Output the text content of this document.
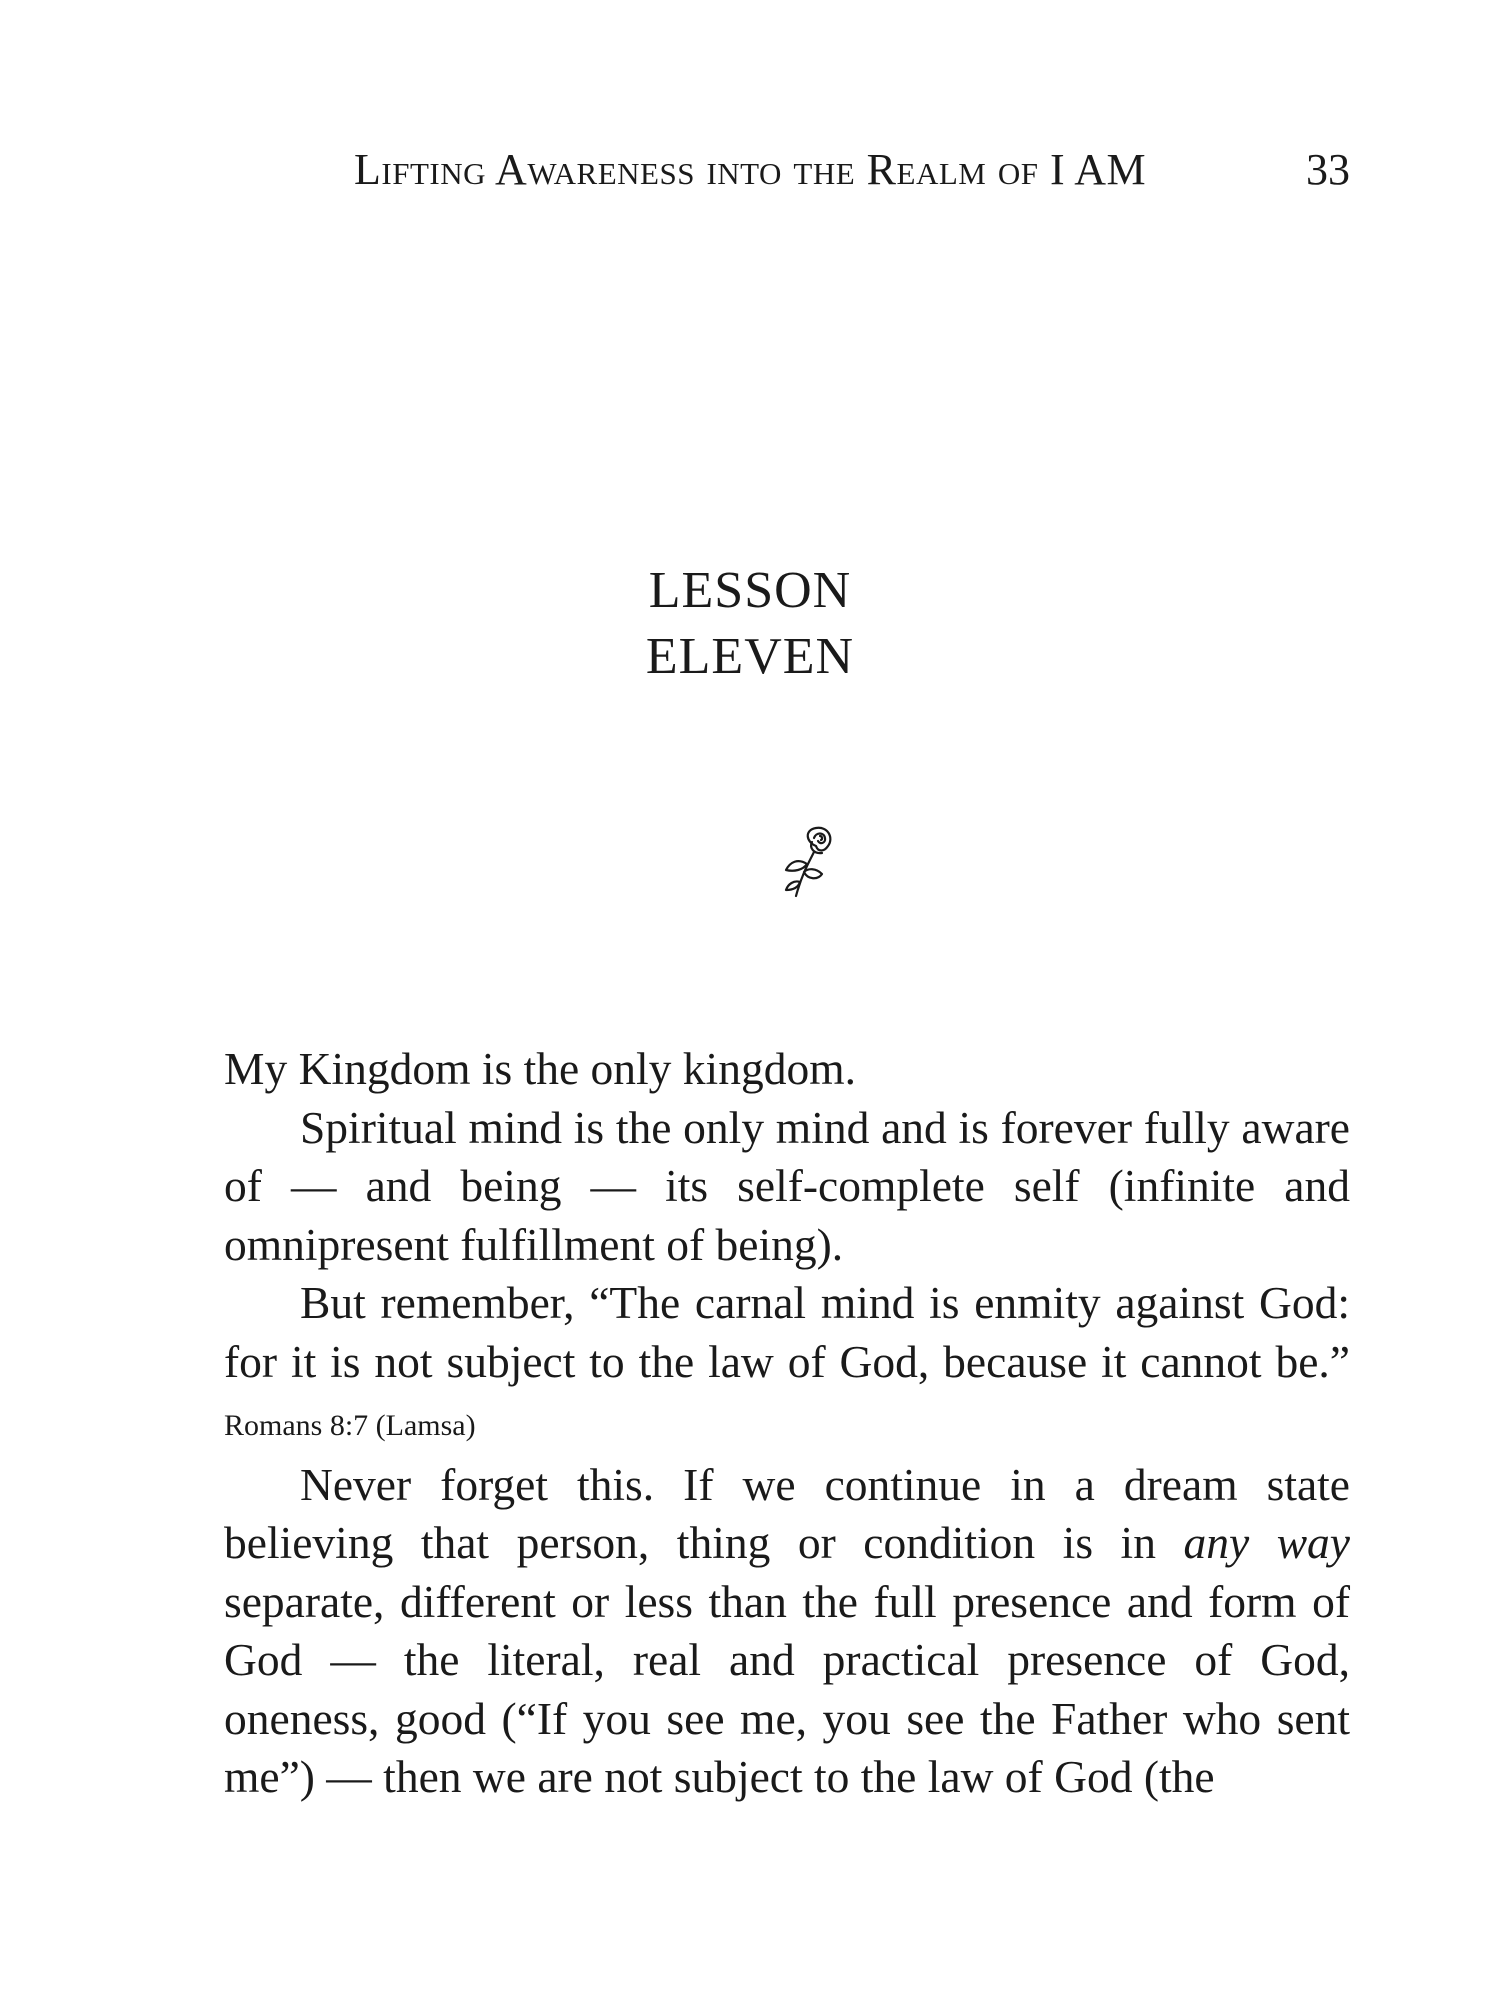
Lifting Awareness into the Realm of I AM	33
LESSON
ELEVEN

My Kingdom is the only kingdom.

Spiritual mind is the only mind and is forever fully aware of — and being — its self-complete self (infinite and omnipresent fulfillment of being).

But remember, “The carnal mind is enmity against God: for it is not subject to the law of God, because it cannot be.” Romans 8:7 (Lamsa)

Never forget this. If we continue in a dream state believing that person, thing or condition is in any way separate, different or less than the full presence and form of God — the literal, real and practical presence of God, oneness, good (“If you see me, you see the Father who sent me”) — then we are not subject to the law of God (the
